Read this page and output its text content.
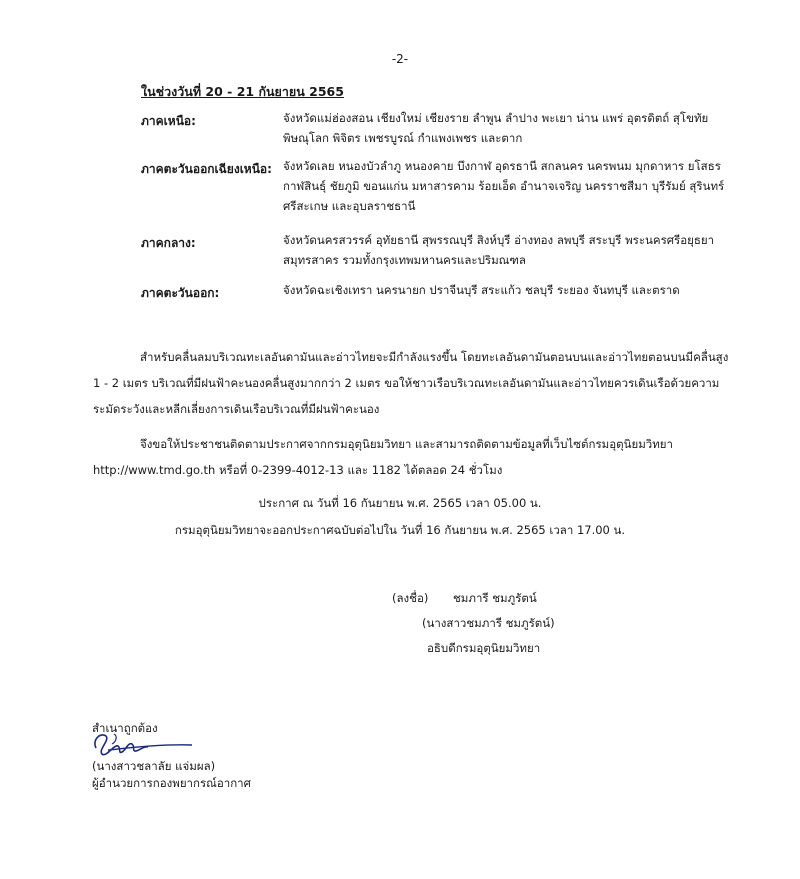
-2-
ในช่วงวันที่ 20 - 21 กันยายน 2565
ภาคเหนือ:	จังหวัดแม่ฮ่องสอน เชียงใหม่ เชียงราย ลำพูน ลำปาง พะเยา น่าน แพร่ อุตรดิตถ์ สุโขทัย
พิษณุโลก พิจิตร เพชรบูรณ์ กำแพงเพชร และตาก
ภาคตะวันออกเฉียงเหนือ: จังหวัดเลย หนองบัวลำภู หนองคาย บึงกาฬ อุดรธานี สกลนคร นครพนม มุกดาหาร ยโสธร
กาฬสินธุ์ ชัยภูมิ ขอนแก่น มหาสารคาม ร้อยเอ็ด อำนาจเจริญ นครราชสีมา บุรีรัมย์ สุรินทร์
ศรีสะเกษ และอุบลราชธานี
ภาคกลาง:	จังหวัดนครสวรรค์ อุทัยธานี สุพรรณบุรี สิงห์บุรี อ่างทอง ลพบุรี สระบุรี พระนครศรีอยุธยา
สมุทรสาคร รวมทั้งกรุงเทพมหานครและปริมณฑล
ภาคตะวันออก:	จังหวัดฉะเชิงเทรา นครนายก ปราจีนบุรี สระแก้ว ชลบุรี ระยอง จันทบุรี และตราด
สำหรับคลื่นลมบริเวณทะเลอันดามันและอ่าวไทยจะมีกำลังแรงขึ้น โดยทะเลอันดามันตอนบนและอ่าวไทยตอนบนมีคลื่นสูง
1 - 2 เมตร บริเวณที่มีฝนฟ้าคะนองคลื่นสูงมากกว่า 2 เมตร ขอให้ชาวเรือบริเวณทะเลอันดามันและอ่าวไทยควรเดินเรือด้วยความ
ระมัดระวังและหลีกเลี่ยงการเดินเรือบริเวณที่มีฝนฟ้าคะนอง
จึงขอให้ประชาชนติดตามประกาศจากกรมอุตุนิยมวิทยา และสามารถติดตามข้อมูลที่เว็บไซต์กรมอุตุนิยมวิทยา
http://www.tmd.go.th หรือที่ 0-2399-4012-13 และ 1182 ได้ตลอด 24 ชั่วโมง
ประกาศ ณ วันที่ 16 กันยายน พ.ศ. 2565 เวลา 05.00 น.
กรมอุตุนิยมวิทยาจะออกประกาศฉบับต่อไปใน วันที่ 16 กันยายน พ.ศ. 2565 เวลา 17.00 น.
(ลงชื่อ) ชมภารี ชมภูรัตน์
(นางสาวชมภารี ชมภูรัตน์)
อธิบดีกรมอุตุนิยมวิทยา
สำเนาถูกต้อง
(นางสาวชลาลัย แจ่มผล)
ผู้อำนวยการกองพยากรณ์อากาศ
